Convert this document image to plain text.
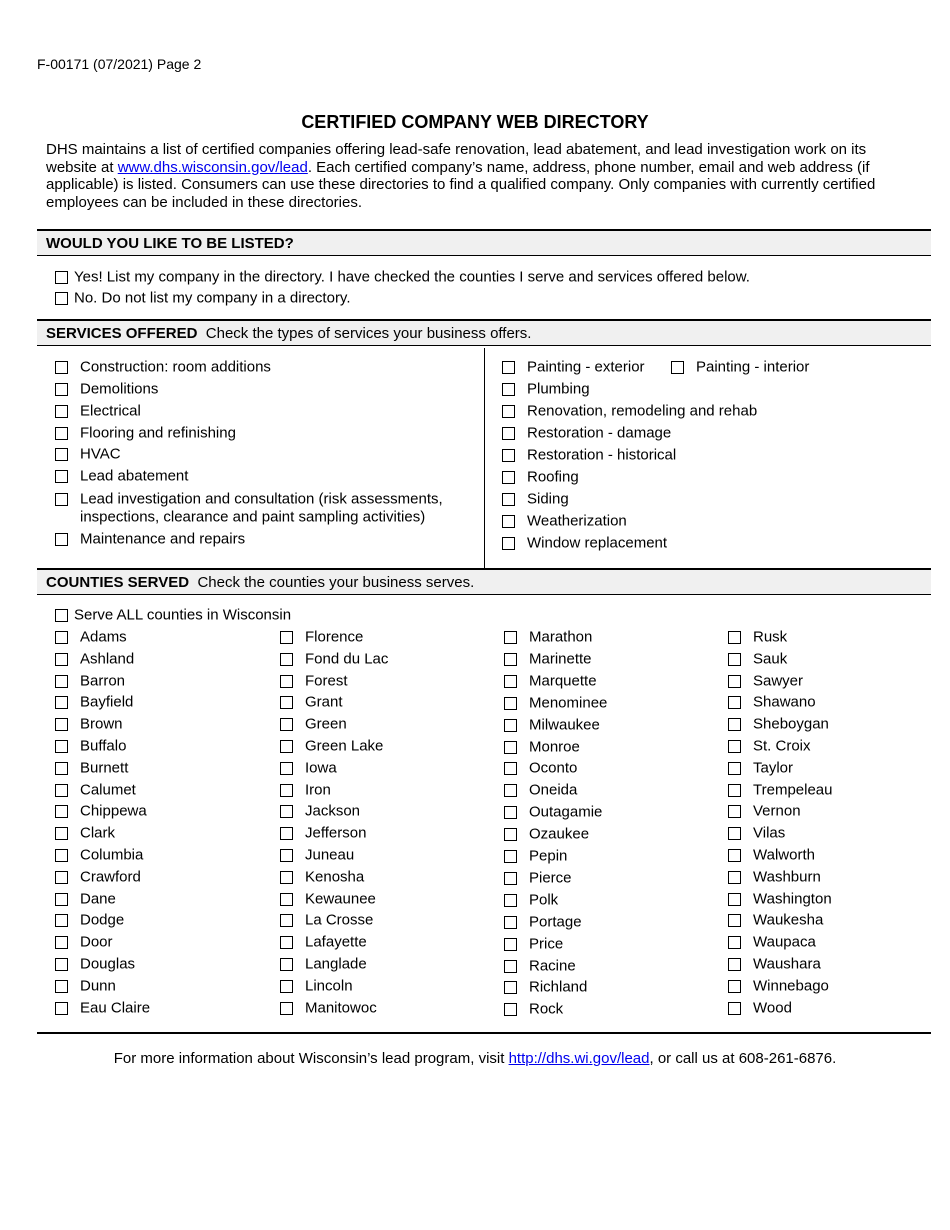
F-00171 (07/2021) Page 2
CERTIFIED COMPANY WEB DIRECTORY
DHS maintains a list of certified companies offering lead-safe renovation, lead abatement, and lead investigation work on its website at www.dhs.wisconsin.gov/lead. Each certified company’s name, address, phone number, email and web address (if applicable) is listed. Consumers can use these directories to find a qualified company. Only companies with currently certified employees can be included in these directories.
WOULD YOU LIKE TO BE LISTED?
Yes! List my company in the directory. I have checked the counties I serve and services offered below.
No. Do not list my company in a directory.
SERVICES OFFERED Check the types of services your business offers.
Construction: room additions
Demolitions
Electrical
Flooring and refinishing
HVAC
Lead abatement
Lead investigation and consultation (risk assessments,
inspections, clearance and paint sampling activities)
Maintenance and repairs
Painting - exterior	Painting - interior
Plumbing
Renovation, remodeling and rehab
Restoration - damage
Restoration - historical
Roofing
Siding
Weatherization
Window replacement
COUNTIES SERVED Check the counties your business serves.
Serve ALL counties in Wisconsin
Adams
Ashland
Barron
Bayfield
Brown
Buffalo
Burnett
Calumet
Chippewa
Clark
Columbia
Crawford
Dane
Dodge
Door
Douglas
Dunn
Eau Claire
Florence
Fond du Lac
Forest
Grant
Green
Green Lake
Iowa
Iron
Jackson
Jefferson
Juneau
Kenosha
Kewaunee
La Crosse
Lafayette
Langlade
Lincoln
Manitowoc
Marathon
Marinette
Marquette
Menominee
Milwaukee
Monroe
Oconto
Oneida
Outagamie
Ozaukee
Pepin
Pierce
Polk
Portage
Price
Racine
Richland
Rock
Rusk
Sauk
Sawyer
Shawano
Sheboygan
St. Croix
Taylor
Trempeleau
Vernon
Vilas
Walworth
Washburn
Washington
Waukesha
Waupaca
Waushara
Winnebago
Wood
For more information about Wisconsin’s lead program, visit http://dhs.wi.gov/lead, or call us at 608-261-6876.
